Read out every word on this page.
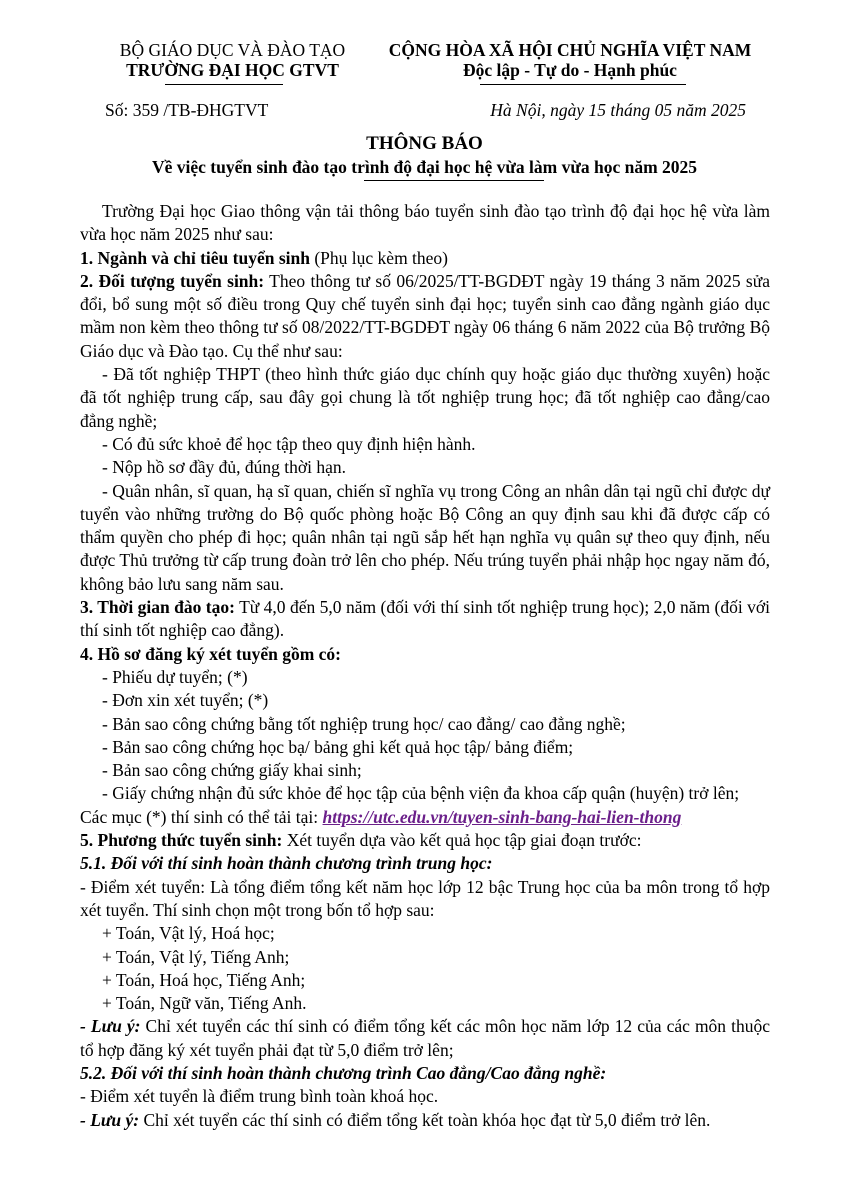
BỘ GIÁO DỤC VÀ ĐÀO TẠO
TRƯỜNG ĐẠI HỌC GTVT
CỘNG HÒA XÃ HỘI CHỦ NGHĨA VIỆT NAM
Độc lập - Tự do - Hạnh phúc
Số: 359 /TB-ĐHGTVT	Hà Nội, ngày 15 tháng 05 năm 2025
THÔNG BÁO
Về việc tuyển sinh đào tạo trình độ đại học hệ vừa làm vừa học năm 2025

Trường Đại học Giao thông vận tải thông báo tuyển sinh đào tạo trình độ đại học hệ vừa làm vừa học năm 2025 như sau:

1. Ngành và chỉ tiêu tuyển sinh (Phụ lục kèm theo)

2. Đối tượng tuyển sinh: Theo thông tư số 06/2025/TT-BGDĐT ngày 19 tháng 3 năm 2025 sửa đổi, bổ sung một số điều trong Quy chế tuyển sinh đại học; tuyển sinh cao đẳng ngành giáo dục mầm non kèm theo thông tư số 08/2022/TT-BGDĐT ngày 06 tháng 6 năm 2022 của Bộ trưởng Bộ Giáo dục và Đào tạo. Cụ thể như sau:

- Đã tốt nghiệp THPT (theo hình thức giáo dục chính quy hoặc giáo dục thường xuyên) hoặc đã tốt nghiệp trung cấp, sau đây gọi chung là tốt nghiệp trung học; đã tốt nghiệp cao đẳng/cao đẳng nghề;

- Có đủ sức khoẻ để học tập theo quy định hiện hành.

- Nộp hồ sơ đầy đủ, đúng thời hạn.

- Quân nhân, sĩ quan, hạ sĩ quan, chiến sĩ nghĩa vụ trong Công an nhân dân tại ngũ chỉ được dự tuyển vào những trường do Bộ quốc phòng hoặc Bộ Công an quy định sau khi đã được cấp có thẩm quyền cho phép đi học; quân nhân tại ngũ sắp hết hạn nghĩa vụ quân sự theo quy định, nếu được Thủ trưởng từ cấp trung đoàn trở lên cho phép. Nếu trúng tuyển phải nhập học ngay năm đó, không bảo lưu sang năm sau.

3. Thời gian đào tạo: Từ 4,0 đến 5,0 năm (đối với thí sinh tốt nghiệp trung học); 2,0 năm (đối với thí sinh tốt nghiệp cao đẳng).

4. Hồ sơ đăng ký xét tuyển gồm có:

- Phiếu dự tuyển; (*)

- Đơn xin xét tuyển; (*)

- Bản sao công chứng bằng tốt nghiệp trung học/ cao đẳng/ cao đẳng nghề;

- Bản sao công chứng học bạ/ bảng ghi kết quả học tập/ bảng điểm;

- Bản sao công chứng giấy khai sinh;

- Giấy chứng nhận đủ sức khỏe để học tập của bệnh viện đa khoa cấp quận (huyện) trở lên;

Các mục (*) thí sinh có thể tải tại: https://utc.edu.vn/tuyen-sinh-bang-hai-lien-thong

5. Phương thức tuyển sinh: Xét tuyển dựa vào kết quả học tập giai đoạn trước:

5.1. Đối với thí sinh hoàn thành chương trình trung học:

- Điểm xét tuyển: Là tổng điểm tổng kết năm học lớp 12 bậc Trung học của ba môn trong tổ hợp xét tuyển. Thí sinh chọn một trong bốn tổ hợp sau:

+ Toán, Vật lý, Hoá học;

+ Toán, Vật lý, Tiếng Anh;

+ Toán, Hoá học, Tiếng Anh;

+ Toán, Ngữ văn, Tiếng Anh.

- Lưu ý: Chỉ xét tuyển các thí sinh có điểm tổng kết các môn học năm lớp 12 của các môn thuộc tổ hợp đăng ký xét tuyển phải đạt từ 5,0 điểm trở lên;

5.2. Đối với thí sinh hoàn thành chương trình Cao đẳng/Cao đẳng nghề:

- Điểm xét tuyển là điểm trung bình toàn khoá học.

- Lưu ý: Chỉ xét tuyển các thí sinh có điểm tổng kết toàn khóa học đạt từ 5,0 điểm trở lên.
